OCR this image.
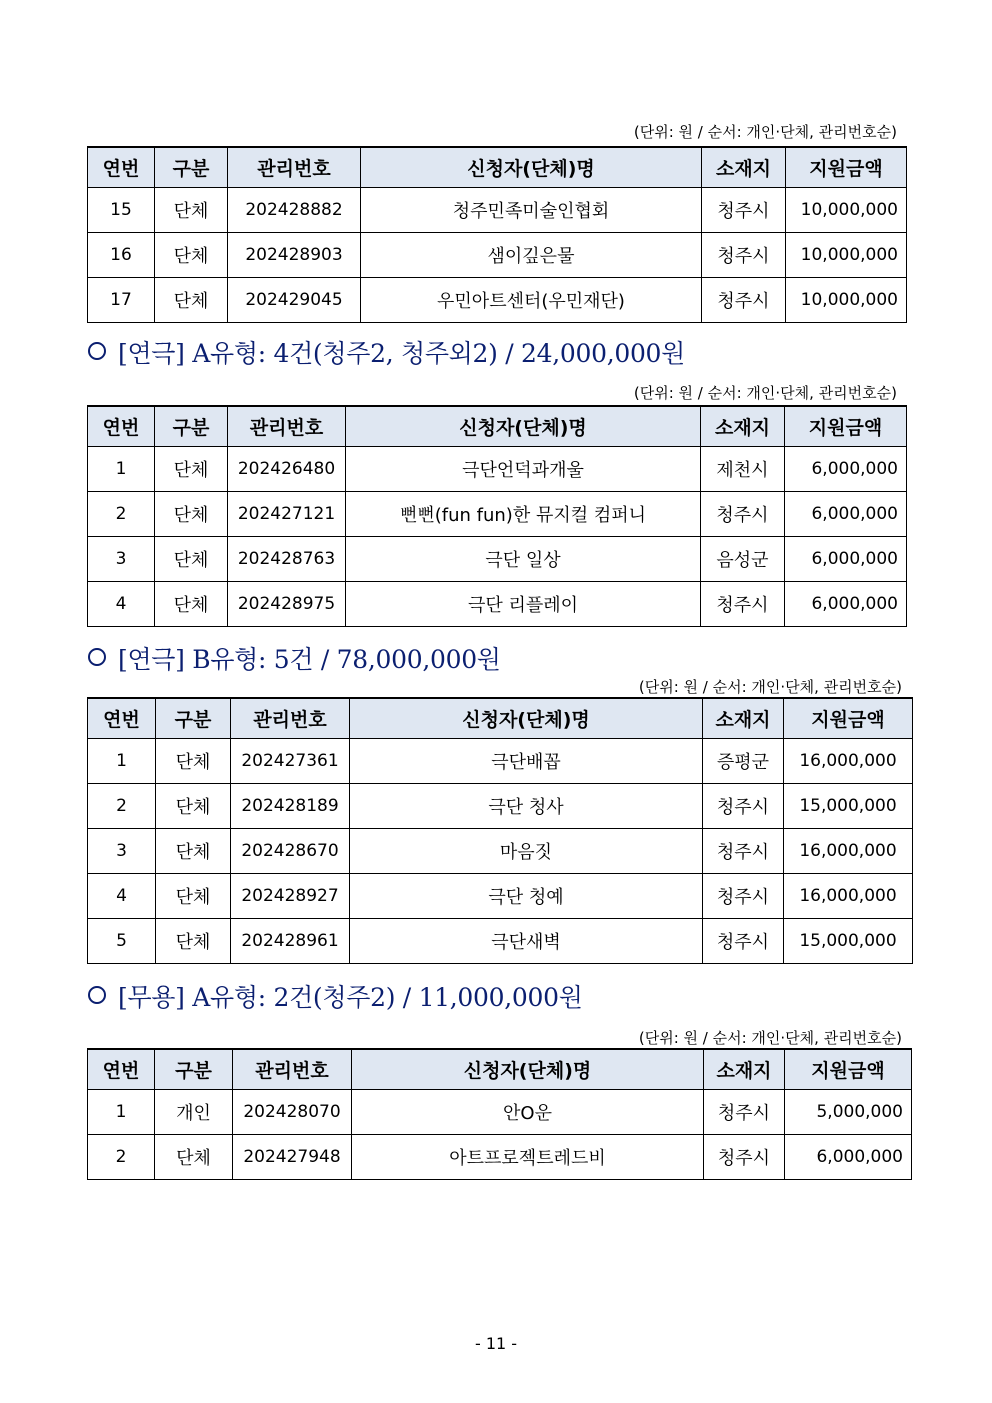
(단위: 원 / 순서: 개인·단체, 관리번호순)
연번	구분	관리번호	신청자(단체)명	소재지	지원금액
15	단체	202428882	청주민족미술인협회	청주시	10,000,000
16	단체	202428903	샘이깊은물	청주시	10,000,000
17	단체	202429045	우민아트센터(우민재단)	청주시	10,000,000
[연극] A유형: 4건(청주2, 청주외2) / 24,000,000원
(단위: 원 / 순서: 개인·단체, 관리번호순)
연번	구분	관리번호	신청자(단체)명	소재지	지원금액
1	단체	202426480	극단언덕과개울	제천시	6,000,000
2	단체	202427121	뻔뻔(fun fun)한 뮤지컬 컴퍼니	청주시	6,000,000
3	단체	202428763	극단 일상	음성군	6,000,000
4	단체	202428975	극단 리플레이	청주시	6,000,000
[연극] B유형: 5건 / 78,000,000원
(단위: 원 / 순서: 개인·단체, 관리번호순)
연번	구분	관리번호	신청자(단체)명	소재지	지원금액
1	단체	202427361	극단배꼽	증평군	16,000,000
2	단체	202428189	극단 청사	청주시	15,000,000
3	단체	202428670	마음짓	청주시	16,000,000
4	단체	202428927	극단 청예	청주시	16,000,000
5	단체	202428961	극단새벽	청주시	15,000,000
[무용] A유형: 2건(청주2) / 11,000,000원
(단위: 원 / 순서: 개인·단체, 관리번호순)
연번	구분	관리번호	신청자(단체)명	소재지	지원금액
1	개인	202428070	안O운	청주시	5,000,000
2	단체	202427948	아트프로젝트레드비	청주시	6,000,000
- 11 -
